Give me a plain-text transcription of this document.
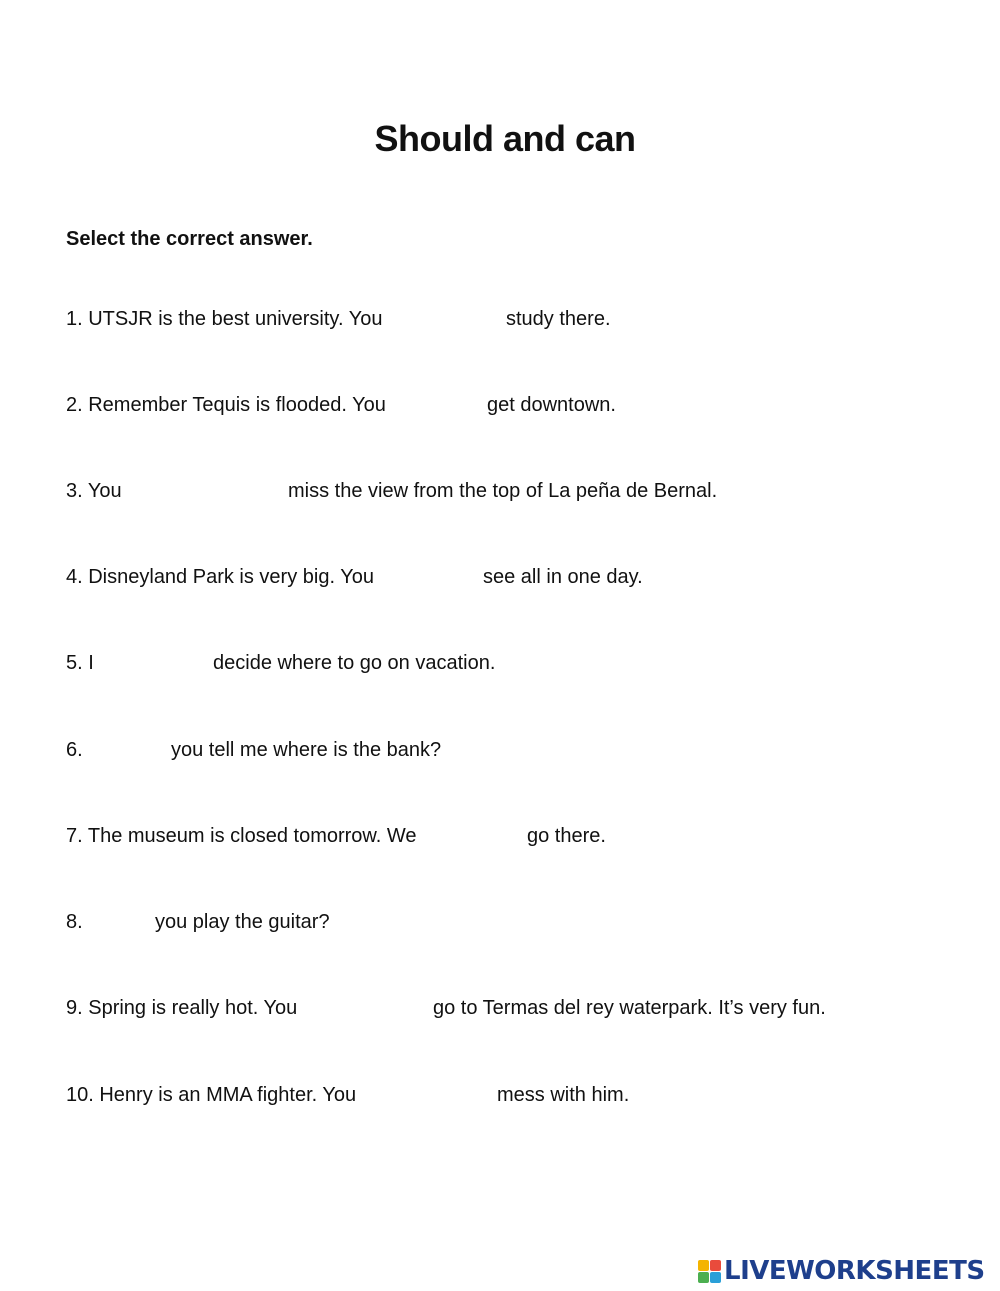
Should and can

Select the correct answer.

1. UTSJR is the best university. You	study there.
2. Remember Tequis is flooded. You	get downtown.
3. You	miss the view from the top of La peña de Bernal.
4. Disneyland Park is very big. You	see all in one day.
5. I	decide where to go on vacation.
6.	you tell me where is the bank?
7. The museum is closed tomorrow. We	go there.
8.	you play the guitar?
9. Spring is really hot. You	go to Termas del rey waterpark. It’s very fun.
10. Henry is an MMA fighter. You	mess with him.
LIVEWORKSHEETS
